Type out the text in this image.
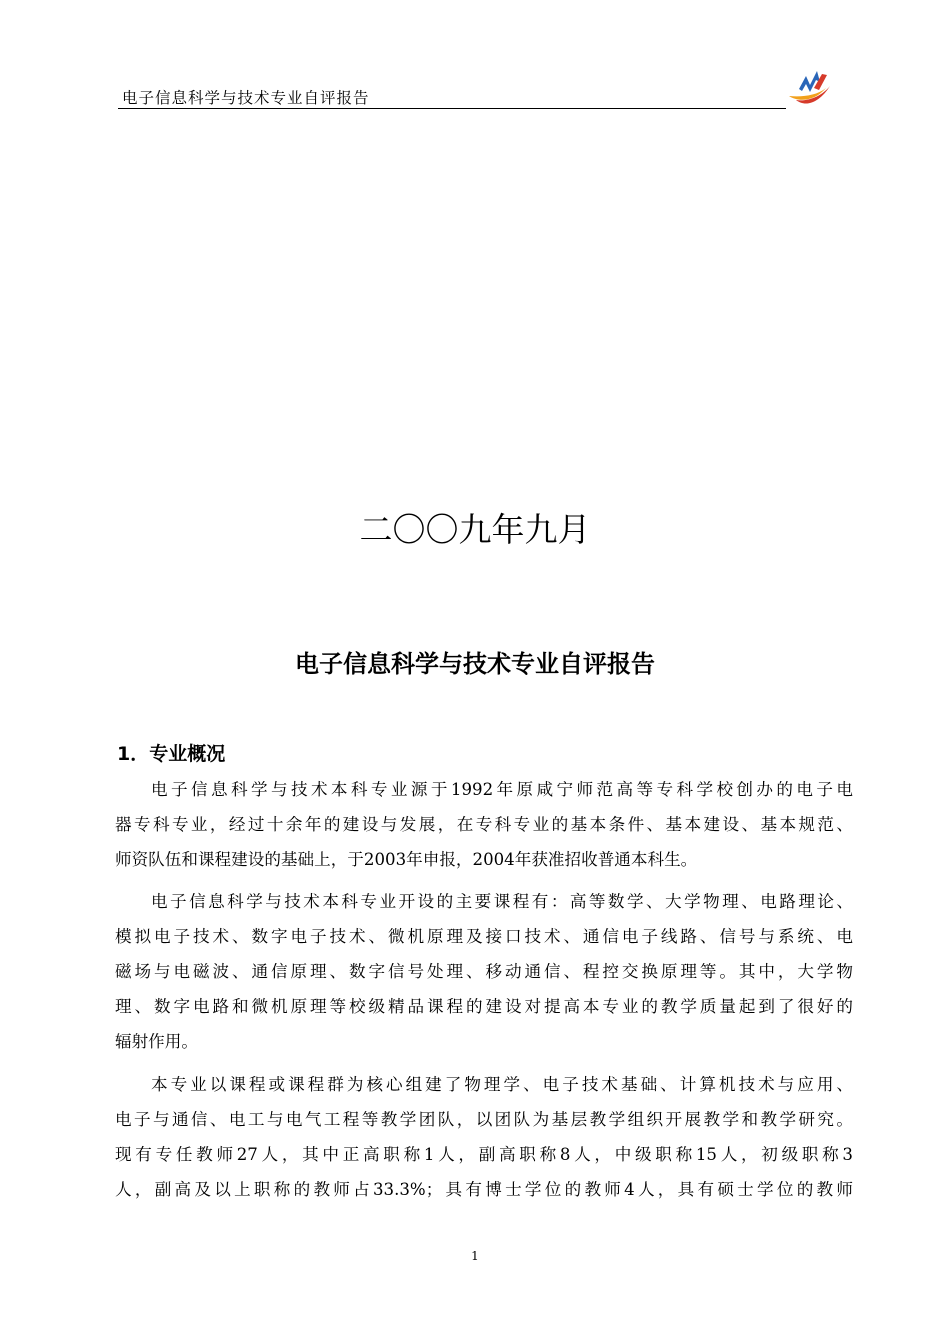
电子信息科学与技术专业自评报告
二〇〇九年九月
电子信息科学与技术专业自评报告
1．专业概况
电子信息科学与技术本科专业源于1992年原咸宁师范高等专科学校创办的电子电
器专科专业，经过十余年的建设与发展，在专科专业的基本条件、基本建设、基本规范、
师资队伍和课程建设的基础上，于2003年申报，2004年获准招收普通本科生。
电子信息科学与技术本科专业开设的主要课程有：高等数学、大学物理、电路理论、
模拟电子技术、数字电子技术、微机原理及接口技术、通信电子线路、信号与系统、电
磁场与电磁波、通信原理、数字信号处理、移动通信、程控交换原理等。其中，大学物
理、数字电路和微机原理等校级精品课程的建设对提高本专业的教学质量起到了很好的
辐射作用。
本专业以课程或课程群为核心组建了物理学、电子技术基础、计算机技术与应用、
电子与通信、电工与电气工程等教学团队，以团队为基层教学组织开展教学和教学研究。
现有专任教师27人，其中正高职称1人，副高职称8人，中级职称15人，初级职称3
人，副高及以上职称的教师占33.3%；具有博士学位的教师4人，具有硕士学位的教师
1
